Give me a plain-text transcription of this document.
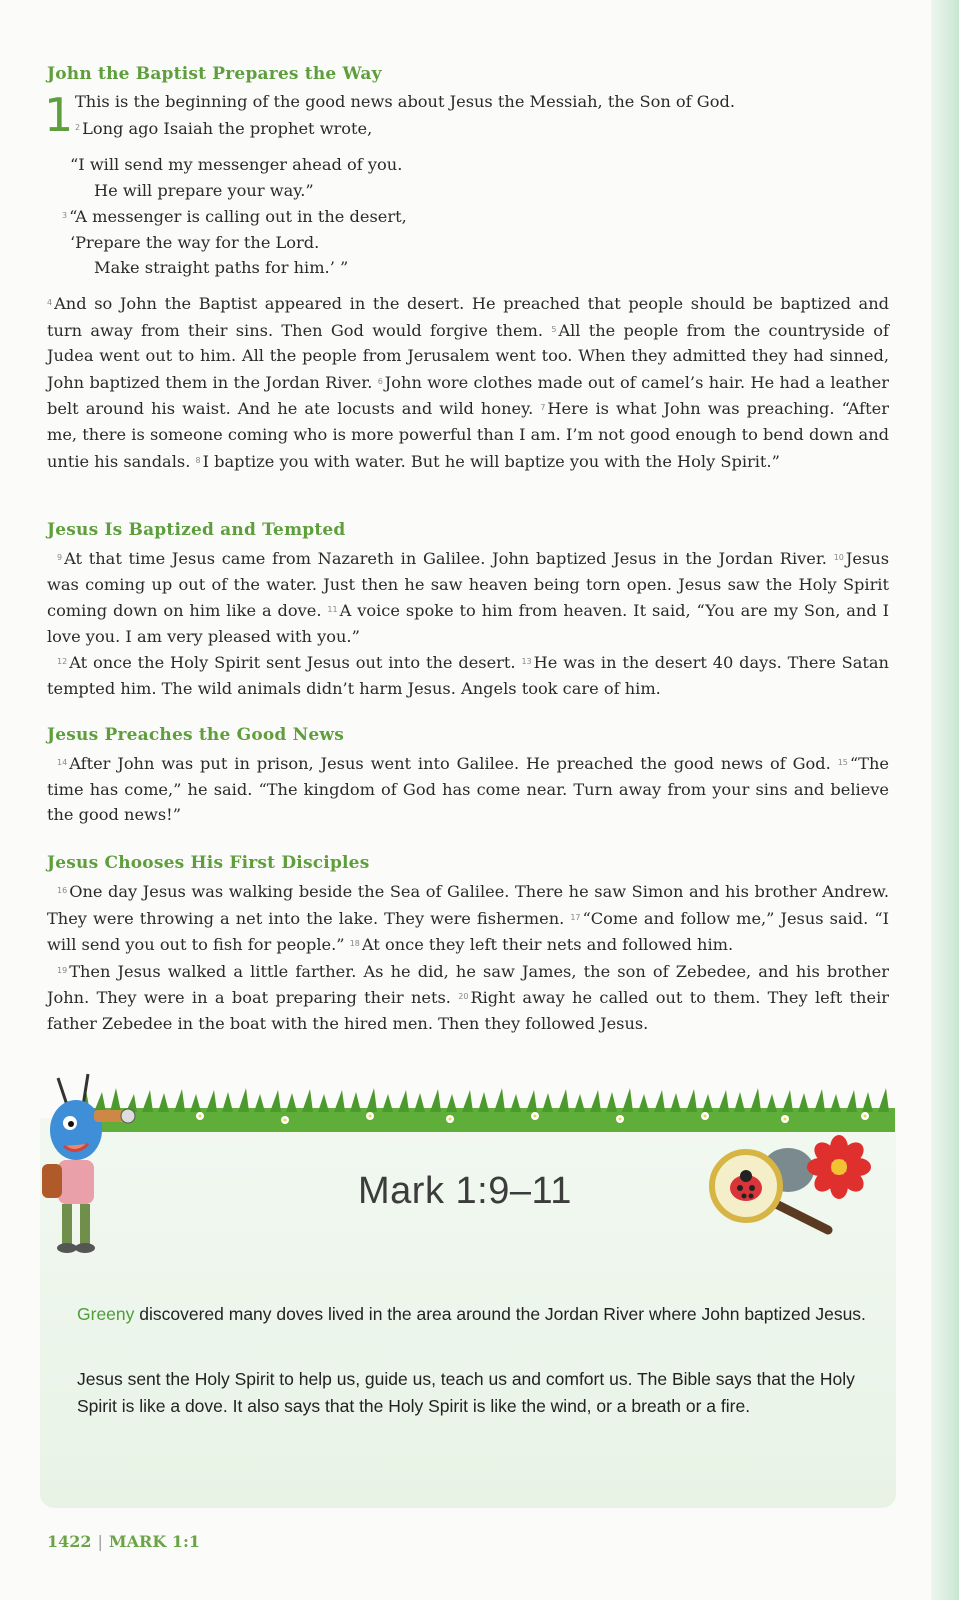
John the Baptist Prepares the Way
1 This is the beginning of the good news about Jesus the Messiah, the Son of God.
$^2$ Long ago Isaiah the prophet wrote,
“I will send my messenger ahead of you.
He will prepare your way.”
$^3$ “A messenger is calling out in the desert,
‘Prepare the way for the Lord.
Make straight paths for him.’ ”

$^4$ And so John the Baptist appeared in the desert. He preached that people should be baptized and turn away from their sins. Then God would forgive them. $^5$ All the people from the countryside of Judea went out to him. All the people from Jerusalem went too. When they admitted they had sinned, John baptized them in the Jordan River. $^6$ John wore clothes made out of camel’s hair. He had a leather belt around his waist. And he ate locusts and wild honey. $^7$ Here is what John was preaching. “After me, there is someone coming who is more powerful than I am. I’m not good enough to bend down and untie his sandals. $^8$ I baptize you with water. But he will baptize you with the Holy Spirit.”

Jesus Is Baptized and Tempted

$^9$ At that time Jesus came from Nazareth in Galilee. John baptized Jesus in the Jordan River. $^{10}$ Jesus was coming up out of the water. Just then he saw heaven being torn open. Jesus saw the Holy Spirit coming down on him like a dove. $^{11}$ A voice spoke to him from heaven. It said, “You are my Son, and I love you. I am very pleased with you.”

$^{12}$ At once the Holy Spirit sent Jesus out into the desert. $^{13}$ He was in the desert 40 days. There Satan tempted him. The wild animals didn’t harm Jesus. Angels took care of him.

Jesus Preaches the Good News

$^{14}$ After John was put in prison, Jesus went into Galilee. He preached the good news of God. $^{15}$ “The time has come,” he said. “The kingdom of God has come near. Turn away from your sins and believe the good news!”

Jesus Chooses His First Disciples

$^{16}$ One day Jesus was walking beside the Sea of Galilee. There he saw Simon and his brother Andrew. They were throwing a net into the lake. They were fishermen. $^{17}$ “Come and follow me,” Jesus said. “I will send you out to fish for people.” $^{18}$ At once they left their nets and followed him.

$^{19}$ Then Jesus walked a little farther. As he did, he saw James, the son of Zebedee, and his brother John. They were in a boat preparing their nets. $^{20}$ Right away he called out to them. They left their father Zebedee in the boat with the hired men. Then they followed Jesus.

Mark 1:9–11

Greeny discovered many doves lived in the area around the Jordan River where John baptized Jesus.

Jesus sent the Holy Spirit to help us, guide us, teach us and comfort us. The Bible says that the Holy Spirit is like a dove. It also says that the Holy Spirit is like the wind, or a breath or a fire.

1422 | MARK 1:1
